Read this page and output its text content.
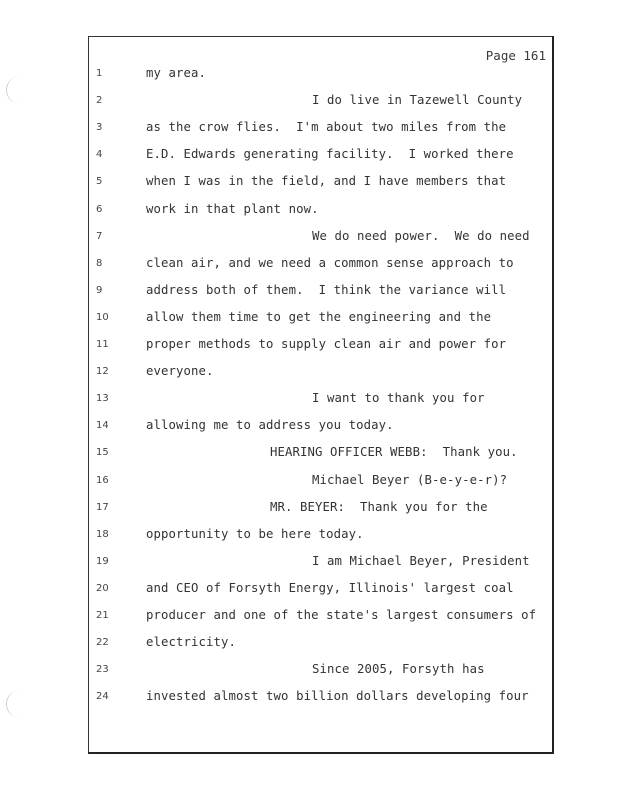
Page 161
1	my area.
2	I do live in Tazewell County
3	as the crow flies.  I'm about two miles from the
4	E.D. Edwards generating facility.  I worked there
5	when I was in the field, and I have members that
6	work in that plant now.
7	We do need power.  We do need
8	clean air, and we need a common sense approach to
9	address both of them.  I think the variance will
10	allow them time to get the engineering and the
11	proper methods to supply clean air and power for
12	everyone.
13	I want to thank you for
14	allowing me to address you today.
15	HEARING OFFICER WEBB:  Thank you.
16	Michael Beyer (B-e-y-e-r)?
17	MR. BEYER:  Thank you for the
18	opportunity to be here today.
19	I am Michael Beyer, President
20	and CEO of Forsyth Energy, Illinois' largest coal
21	producer and one of the state's largest consumers of
22	electricity.
23	Since 2005, Forsyth has
24	invested almost two billion dollars developing four
